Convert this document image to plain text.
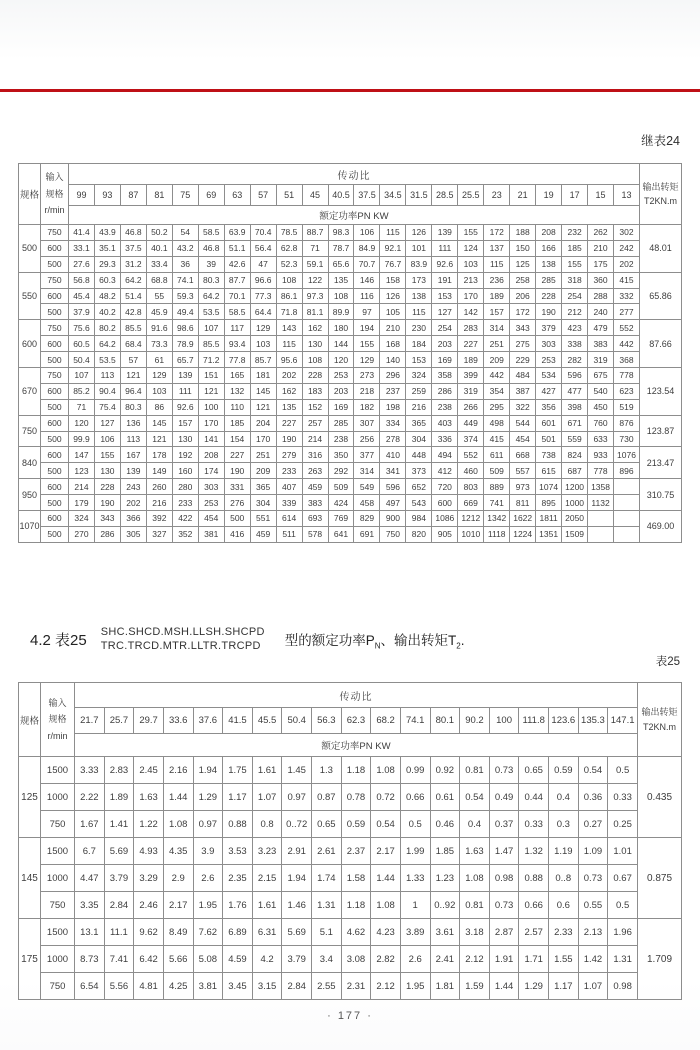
继表24
规格	
输入
规格
r/min
	传动比	
输出转矩
T2KN.m

		99	93	87	81	75	69	63	57	51	45	40.5	37.5	34.5	31.5	28.5	25.5	23	21	19	17	15	13	
		额定功率PN KW																						
500	750	41.4	43.9	46.8	50.2	54	58.5	63.9	70.4	78.5	88.7	98.3	106	115	126	139	155	172	188	208	232	262	302	48.01
	600	33.1	35.1	37.5	40.1	43.2	46.8	51.1	56.4	62.8	71	78.7	84.9	92.1	101	111	124	137	150	166	185	210	242	
	500	27.6	29.3	31.2	33.4	36	39	42.6	47	52.3	59.1	65.6	70.7	76.7	83.9	92.6	103	115	125	138	155	175	202	
550	750	56.8	60.3	64.2	68.8	74.1	80.3	87.7	96.6	108	122	135	146	158	173	191	213	236	258	285	318	360	415	65.86
	600	45.4	48.2	51.4	55	59.3	64.2	70.1	77.3	86.1	97.3	108	116	126	138	153	170	189	206	228	254	288	332	
	500	37.9	40.2	42.8	45.9	49.4	53.5	58.5	64.4	71.8	81.1	89.9	97	105	115	127	142	157	172	190	212	240	277	
600	750	75.6	80.2	85.5	91.6	98.6	107	117	129	143	162	180	194	210	230	254	283	314	343	379	423	479	552	87.66
	600	60.5	64.2	68.4	73.3	78.9	85.5	93.4	103	115	130	144	155	168	184	203	227	251	275	303	338	383	442	
	500	50.4	53.5	57	61	65.7	71.2	77.8	85.7	95.6	108	120	129	140	153	169	189	209	229	253	282	319	368	
670	750	107	113	121	129	139	151	165	181	202	228	253	273	296	324	358	399	442	484	534	596	675	778	123.54
	600	85.2	90.4	96.4	103	111	121	132	145	162	183	203	218	237	259	286	319	354	387	427	477	540	623	
	500	71	75.4	80.3	86	92.6	100	110	121	135	152	169	182	198	216	238	266	295	322	356	398	450	519	
750	600	120	127	136	145	157	170	185	204	227	257	285	307	334	365	403	449	498	544	601	671	760	876	123.87
	500	99.9	106	113	121	130	141	154	170	190	214	238	256	278	304	336	374	415	454	501	559	633	730	
840	600	147	155	167	178	192	208	227	251	279	316	350	377	410	448	494	552	611	668	738	824	933	1076	213.47
	500	123	130	139	149	160	174	190	209	233	263	292	314	341	373	412	460	509	557	615	687	778	896	
950	600	214	228	243	260	280	303	331	365	407	459	509	549	596	652	720	803	889	973	1074	1200	1358		310.75
	500	179	190	202	216	233	253	276	304	339	383	424	458	497	543	600	669	741	811	895	1000	1132		
1070	600	324	343	366	392	422	454	500	551	614	693	769	829	900	984	1086	1212	1342	1622	1811	2050			469.00
	500	270	286	305	327	352	381	416	459	511	578	641	691	750	820	905	1010	1118	1224	1351	1509			
4.2 表25 SHC.SHCD.MSH.LLSH.SHCPD
TRC.TRCD.MTR.LLTR.TRCPD 型的额定功率$P_N$、输出转矩$T_2$.
表25
规格	
输入
规格
r/min
	传动比	
输出转矩
T2KN.m

		21.7	25.7	29.7	33.6	37.6	41.5	45.5	50.4	56.3	62.3	68.2	74.1	80.1	90.2	100	111.8	123.6	135.3	147.1	
		额定功率PN KW																			
125	1500	3.33	2.83	2.45	2.16	1.94	1.75	1.61	1.45	1.3	1.18	1.08	0.99	0.92	0.81	0.73	0.65	0.59	0.54	0.5	0.435
	1000	2.22	1.89	1.63	1.44	1.29	1.17	1.07	0.97	0.87	0.78	0.72	0.66	0.61	0.54	0.49	0.44	0.4	0.36	0.33	
	750	1.67	1.41	1.22	1.08	0.97	0.88	0.8	0..72	0.65	0.59	0.54	0.5	0.46	0.4	0.37	0.33	0.3	0.27	0.25	
145	1500	6.7	5.69	4.93	4.35	3.9	3.53	3.23	2.91	2.61	2.37	2.17	1.99	1.85	1.63	1.47	1.32	1.19	1.09	1.01	0.875
	1000	4.47	3.79	3.29	2.9	2.6	2.35	2.15	1.94	1.74	1.58	1.44	1.33	1.23	1.08	0.98	0.88	0..8	0.73	0.67	
	750	3.35	2.84	2.46	2.17	1.95	1.76	1.61	1.46	1.31	1.18	1.08	1	0..92	0.81	0.73	0.66	0.6	0.55	0.5	
175	1500	13.1	11.1	9.62	8.49	7.62	6.89	6.31	5.69	5.1	4.62	4.23	3.89	3.61	3.18	2.87	2.57	2.33	2.13	1.96	1.709
	1000	8.73	7.41	6.42	5.66	5.08	4.59	4.2	3.79	3.4	3.08	2.82	2.6	2.41	2.12	1.91	1.71	1.55	1.42	1.31	
	750	6.54	5.56	4.81	4.25	3.81	3.45	3.15	2.84	2.55	2.31	2.12	1.95	1.81	1.59	1.44	1.29	1.17	1.07	0.98	
· 177 ·
